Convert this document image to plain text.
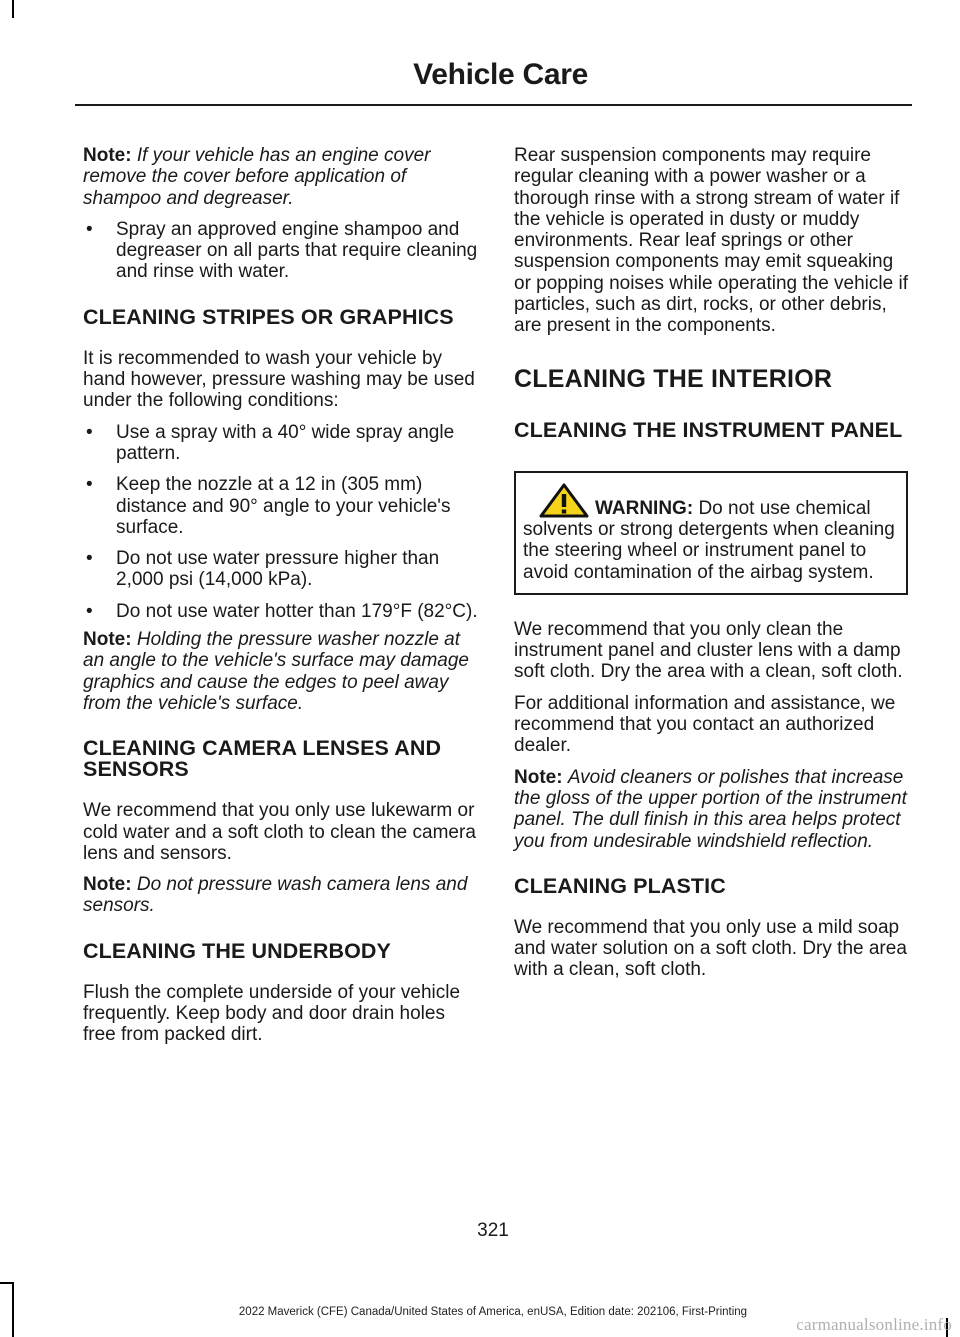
Vehicle Care

Note: If your vehicle has an engine cover remove the cover before application of shampoo and degreaser.

• Spray an approved engine shampoo and degreaser on all parts that require cleaning and rinse with water.
CLEANING STRIPES OR GRAPHICS

It is recommended to wash your vehicle by hand however, pressure washing may be used under the following conditions:

• Use a spray with a 40° wide spray angle pattern.
• Keep the nozzle at a 12 in (305 mm) distance and 90° angle to your vehicle's surface.
• Do not use water pressure higher than 2,000 psi (14,000 kPa).
• Do not use water hotter than 179°F (82°C).

Note: Holding the pressure washer nozzle at an angle to the vehicle's surface may damage graphics and cause the edges to peel away from the vehicle's surface.

CLEANING CAMERA LENSES AND SENSORS

We recommend that you only use lukewarm or cold water and a soft cloth to clean the camera lens and sensors.

Note: Do not pressure wash camera lens and sensors.

CLEANING THE UNDERBODY

Flush the complete underside of your vehicle frequently. Keep body and door drain holes free from packed dirt.

Rear suspension components may require regular cleaning with a power washer or a thorough rinse with a strong stream of water if the vehicle is operated in dusty or muddy environments. Rear leaf springs or other suspension components may emit squeaking or popping noises while operating the vehicle if particles, such as dirt, rocks, or other debris, are present in the components.

CLEANING THE INTERIOR
CLEANING THE INSTRUMENT PANEL
WARNING: Do not use chemical solvents or strong detergents when cleaning the steering wheel or instrument panel to avoid contamination of the airbag system.

We recommend that you only clean the instrument panel and cluster lens with a damp soft cloth. Dry the area with a clean, soft cloth.

For additional information and assistance, we recommend that you contact an authorized dealer.

Note: Avoid cleaners or polishes that increase the gloss of the upper portion of the instrument panel. The dull finish in this area helps protect you from undesirable windshield reflection.

CLEANING PLASTIC

We recommend that you only use a mild soap and water solution on a soft cloth. Dry the area with a clean, soft cloth.

321
2022 Maverick (CFE) Canada/United States of America, enUSA, Edition date: 202106, First-Printing
carmanualsonline.info
